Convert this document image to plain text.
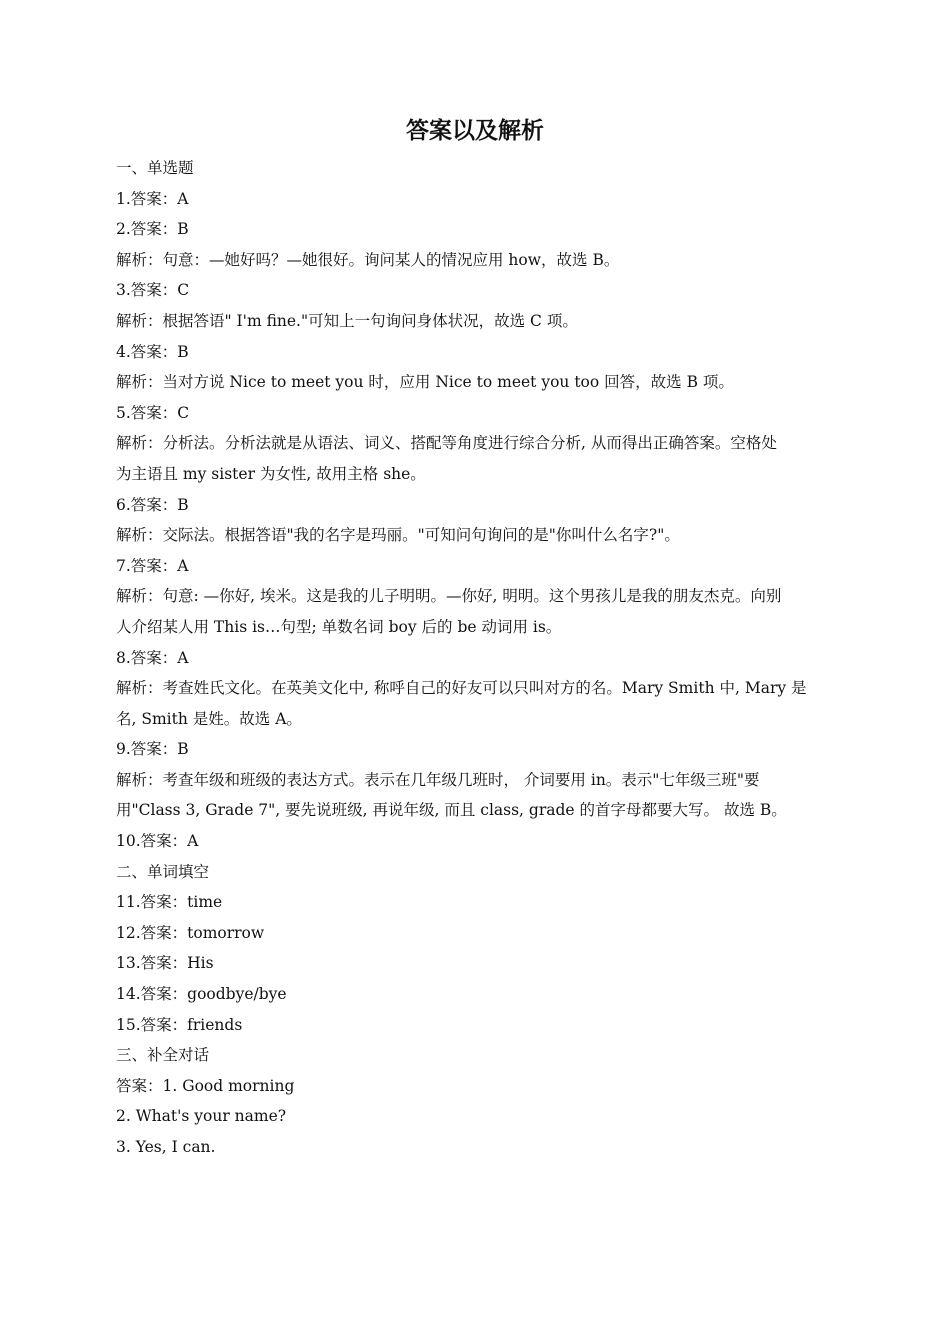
答案以及解析

一、单选题

1.答案：A

2.答案：B

解析：句意：—她好吗？—她很好。询问某人的情况应用 how，故选 B。

3.答案：C

解析：根据答语" I'm fine."可知上一句询问身体状况，故选 C 项。

4.答案：B

解析：当对方说 Nice to meet you 时，应用 Nice to meet you too 回答，故选 B 项。

5.答案：C

解析：分析法。分析法就是从语法、词义、搭配等角度进行综合分析, 从而得出正确答案。空格处

为主语且 my sister 为女性, 故用主格 she。

6.答案：B

解析：交际法。根据答语"我的名字是玛丽。"可知问句询问的是"你叫什么名字?"。

7.答案：A

解析：句意: —你好, 埃米。这是我的儿子明明。—你好, 明明。这个男孩儿是我的朋友杰克。向别

人介绍某人用 This is…句型; 单数名词 boy 后的 be 动词用 is。

8.答案：A

解析：考查姓氏文化。在英美文化中, 称呼自己的好友可以只叫对方的名。Mary Smith 中, Mary 是

名, Smith 是姓。故选 A。

9.答案：B

解析：考查年级和班级的表达方式。表示在几年级几班时， 介词要用 in。表示"七年级三班"要

用"Class 3, Grade 7", 要先说班级, 再说年级, 而且 class, grade 的首字母都要大写。 故选 B。

10.答案：A

二、单词填空

11.答案：time

12.答案：tomorrow

13.答案：His

14.答案：goodbye/bye

15.答案：friends

三、补全对话

答案：1. Good morning

2. What's your name?

3. Yes, I can.
